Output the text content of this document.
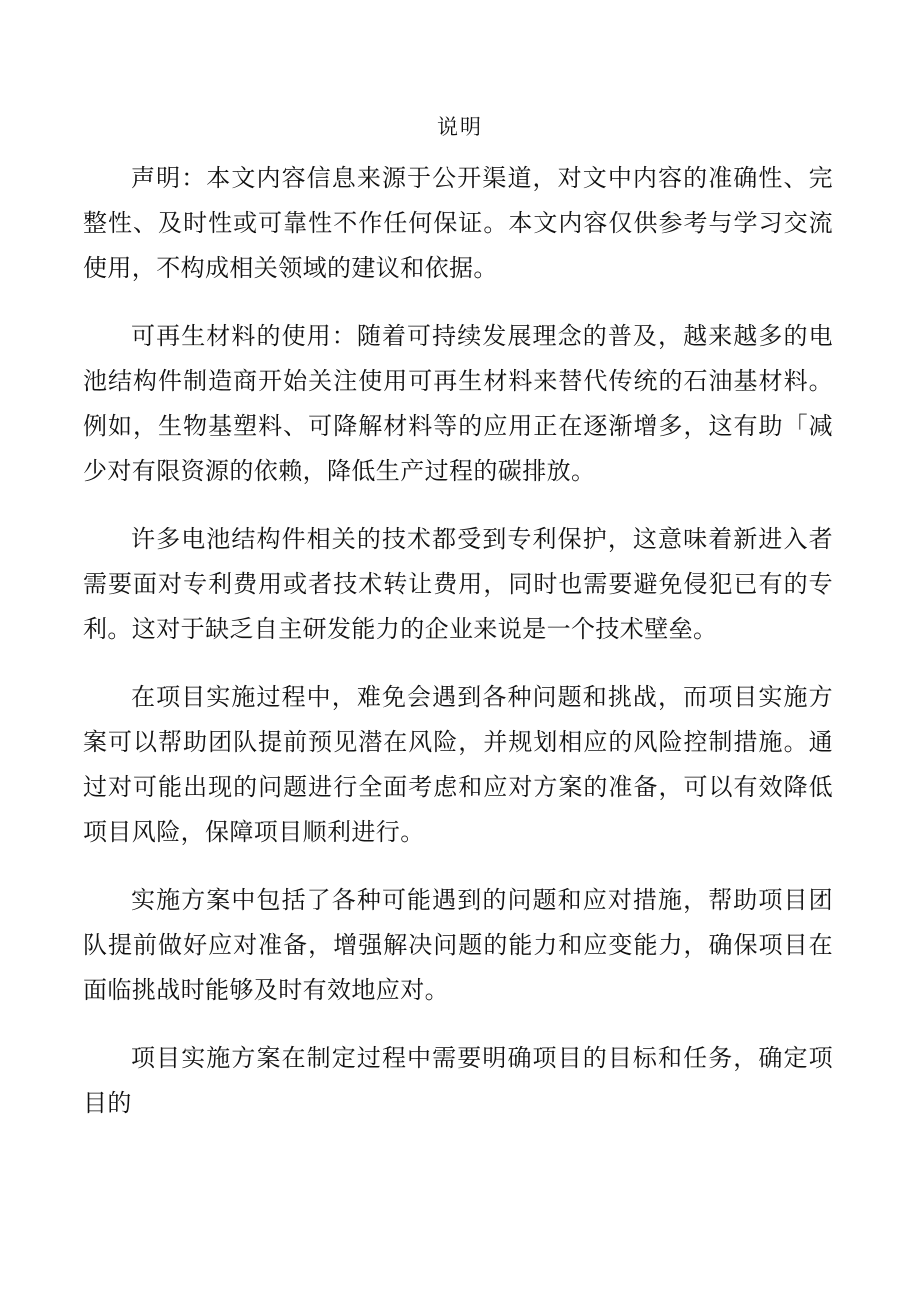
说明

声明：本文内容信息来源于公开渠道，对文中内容的准确性、完整性、及时性或可靠性不作任何保证。本文内容仅供参考与学习交流使用，不构成相关领域的建议和依据。

可再生材料的使用：随着可持续发展理念的普及，越来越多的电池结构件制造商开始关注使用可再生材料来替代传统的石油基材料。例如，生物基塑料、可降解材料等的应用正在逐渐增多，这有助「减少对有限资源的依赖，降低生产过程的碳排放。

许多电池结构件相关的技术都受到专利保护，这意味着新进入者需要面对专利费用或者技术转让费用，同时也需要避免侵犯已有的专利。这对于缺乏自主研发能力的企业来说是一个技术壁垒。

在项目实施过程中，难免会遇到各种问题和挑战，而项目实施方案可以帮助团队提前预见潜在风险，并规划相应的风险控制措施。通过对可能出现的问题进行全面考虑和应对方案的准备，可以有效降低项目风险，保障项目顺利进行。

实施方案中包括了各种可能遇到的问题和应对措施，帮助项目团队提前做好应对准备，增强解决问题的能力和应变能力，确保项目在面临挑战时能够及时有效地应对。

项目实施方案在制定过程中需要明确项目的目标和任务，确定项目的
